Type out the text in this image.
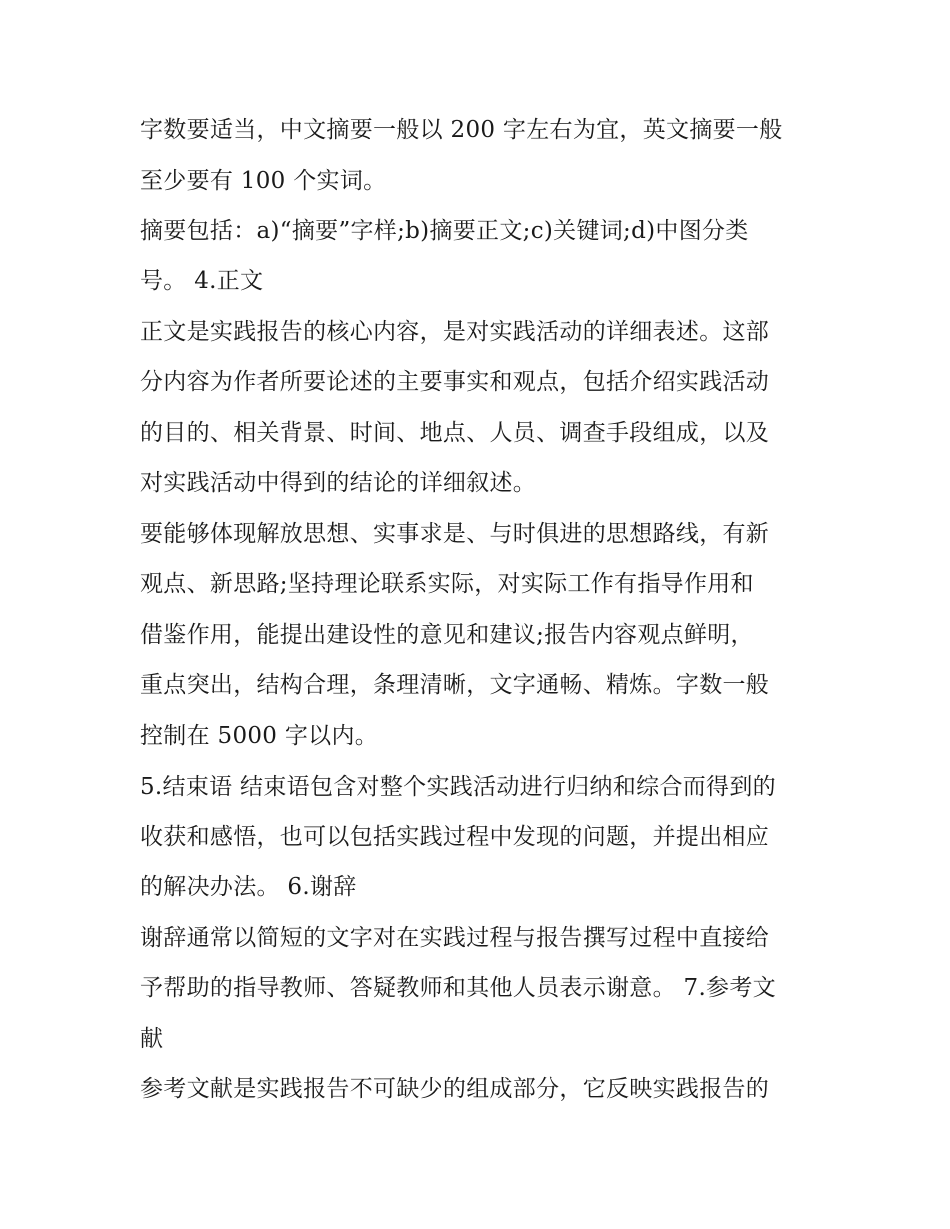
字数要适当，中文摘要一般以 200 字左右为宜，英文摘要一般
至少要有 100 个实词。
摘要包括：a)“摘要”字样;b)摘要正文;c)关键词;d)中图分类
号。 4.正文
正文是实践报告的核心内容，是对实践活动的详细表述。这部
分内容为作者所要论述的主要事实和观点，包括介绍实践活动
的目的、相关背景、时间、地点、人员、调查手段组成，以及
对实践活动中得到的结论的详细叙述。
要能够体现解放思想、实事求是、与时俱进的思想路线，有新
观点、新思路;坚持理论联系实际，对实际工作有指导作用和
借鉴作用，能提出建设性的意见和建议;报告内容观点鲜明，
重点突出，结构合理，条理清晰，文字通畅、精炼。字数一般
控制在 5000 字以内。
5.结束语 结束语包含对整个实践活动进行归纳和综合而得到的
收获和感悟，也可以包括实践过程中发现的问题，并提出相应
的解决办法。 6.谢辞
谢辞通常以简短的文字对在实践过程与报告撰写过程中直接给
予帮助的指导教师、答疑教师和其他人员表示谢意。 7.参考文
献
参考文献是实践报告不可缺少的组成部分，它反映实践报告的
